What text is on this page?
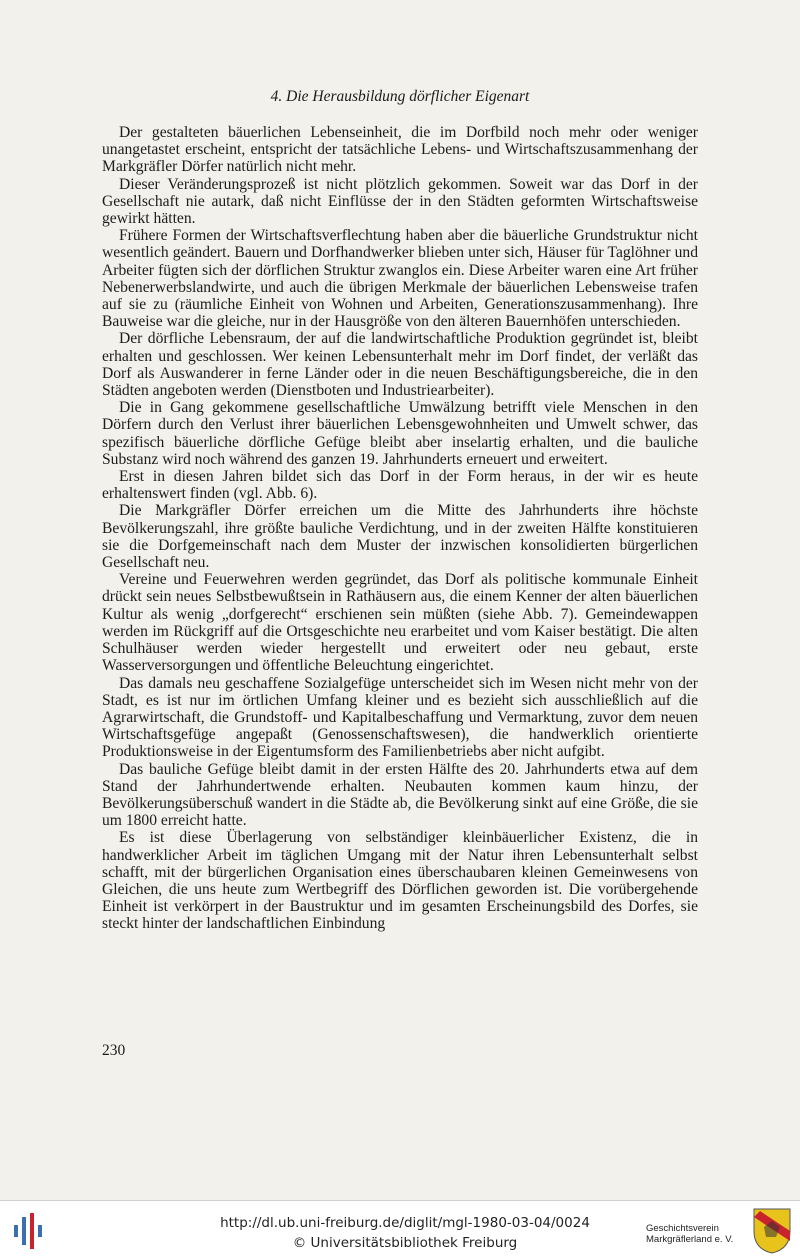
4. Die Herausbildung dörflicher Eigenart

Der gestalteten bäuerlichen Lebenseinheit, die im Dorfbild noch mehr oder weniger unangetastet erscheint, entspricht der tatsächliche Lebens- und Wirtschaftszusammenhang der Markgräfler Dörfer natürlich nicht mehr.

Dieser Veränderungsprozeß ist nicht plötzlich gekommen. Soweit war das Dorf in der Gesellschaft nie autark, daß nicht Einflüsse der in den Städten geformten Wirtschaftsweise gewirkt hätten.

Frühere Formen der Wirtschaftsverflechtung haben aber die bäuerliche Grundstruktur nicht wesentlich geändert. Bauern und Dorfhandwerker blieben unter sich, Häuser für Taglöhner und Arbeiter fügten sich der dörflichen Struktur zwanglos ein. Diese Arbeiter waren eine Art früher Nebenerwerbslandwirte, und auch die übrigen Merkmale der bäuerlichen Lebensweise trafen auf sie zu (räumliche Einheit von Wohnen und Arbeiten, Generationszusammenhang). Ihre Bauweise war die gleiche, nur in der Hausgröße von den älteren Bauernhöfen unterschieden.

Der dörfliche Lebensraum, der auf die landwirtschaftliche Produktion gegründet ist, bleibt erhalten und geschlossen. Wer keinen Lebensunterhalt mehr im Dorf findet, der verläßt das Dorf als Auswanderer in ferne Länder oder in die neuen Beschäftigungsbereiche, die in den Städten angeboten werden (Dienstboten und Industriearbeiter).

Die in Gang gekommene gesellschaftliche Umwälzung betrifft viele Menschen in den Dörfern durch den Verlust ihrer bäuerlichen Lebensgewohnheiten und Umwelt schwer, das spezifisch bäuerliche dörfliche Gefüge bleibt aber inselartig erhalten, und die bauliche Substanz wird noch während des ganzen 19. Jahrhunderts erneuert und erweitert.

Erst in diesen Jahren bildet sich das Dorf in der Form heraus, in der wir es heute erhaltenswert finden (vgl. Abb. 6).

Die Markgräfler Dörfer erreichen um die Mitte des Jahrhunderts ihre höchste Bevölkerungszahl, ihre größte bauliche Verdichtung, und in der zweiten Hälfte konstituieren sie die Dorfgemeinschaft nach dem Muster der inzwischen konsolidierten bürgerlichen Gesellschaft neu.

Vereine und Feuerwehren werden gegründet, das Dorf als politische kommunale Einheit drückt sein neues Selbstbewußtsein in Rathäusern aus, die einem Kenner der alten bäuerlichen Kultur als wenig „dorfgerecht“ erschienen sein müßten (siehe Abb. 7). Gemeindewappen werden im Rückgriff auf die Ortsgeschichte neu erarbeitet und vom Kaiser bestätigt. Die alten Schulhäuser werden wieder hergestellt und erweitert oder neu gebaut, erste Wasserversorgungen und öffentliche Beleuchtung eingerichtet.

Das damals neu geschaffene Sozialgefüge unterscheidet sich im Wesen nicht mehr von der Stadt, es ist nur im örtlichen Umfang kleiner und es bezieht sich ausschließlich auf die Agrarwirtschaft, die Grundstoff- und Kapitalbeschaffung und Vermarktung, zuvor dem neuen Wirtschaftsgefüge angepaßt (Genossenschaftswesen), die handwerklich orientierte Produktionsweise in der Eigentumsform des Familienbetriebs aber nicht aufgibt.

Das bauliche Gefüge bleibt damit in der ersten Hälfte des 20. Jahrhunderts etwa auf dem Stand der Jahrhundertwende erhalten. Neubauten kommen kaum hinzu, der Bevölkerungsüberschuß wandert in die Städte ab, die Bevölkerung sinkt auf eine Größe, die sie um 1800 erreicht hatte.

Es ist diese Überlagerung von selbständiger kleinbäuerlicher Existenz, die in handwerklicher Arbeit im täglichen Umgang mit der Natur ihren Lebensunterhalt selbst schafft, mit der bürgerlichen Organisation eines überschaubaren kleinen Gemeinwesens von Gleichen, die uns heute zum Wertbegriff des Dörflichen geworden ist. Die vorübergehende Einheit ist verkörpert in der Baustruktur und im gesamten Erscheinungsbild des Dorfes, sie steckt hinter der landschaftlichen Einbindung

230
http://dl.ub.uni-freiburg.de/diglit/mgl-1980-03-04/0024
© Universitätsbibliothek Freiburg
Geschichtsverein
Markgräflerland e. V.
